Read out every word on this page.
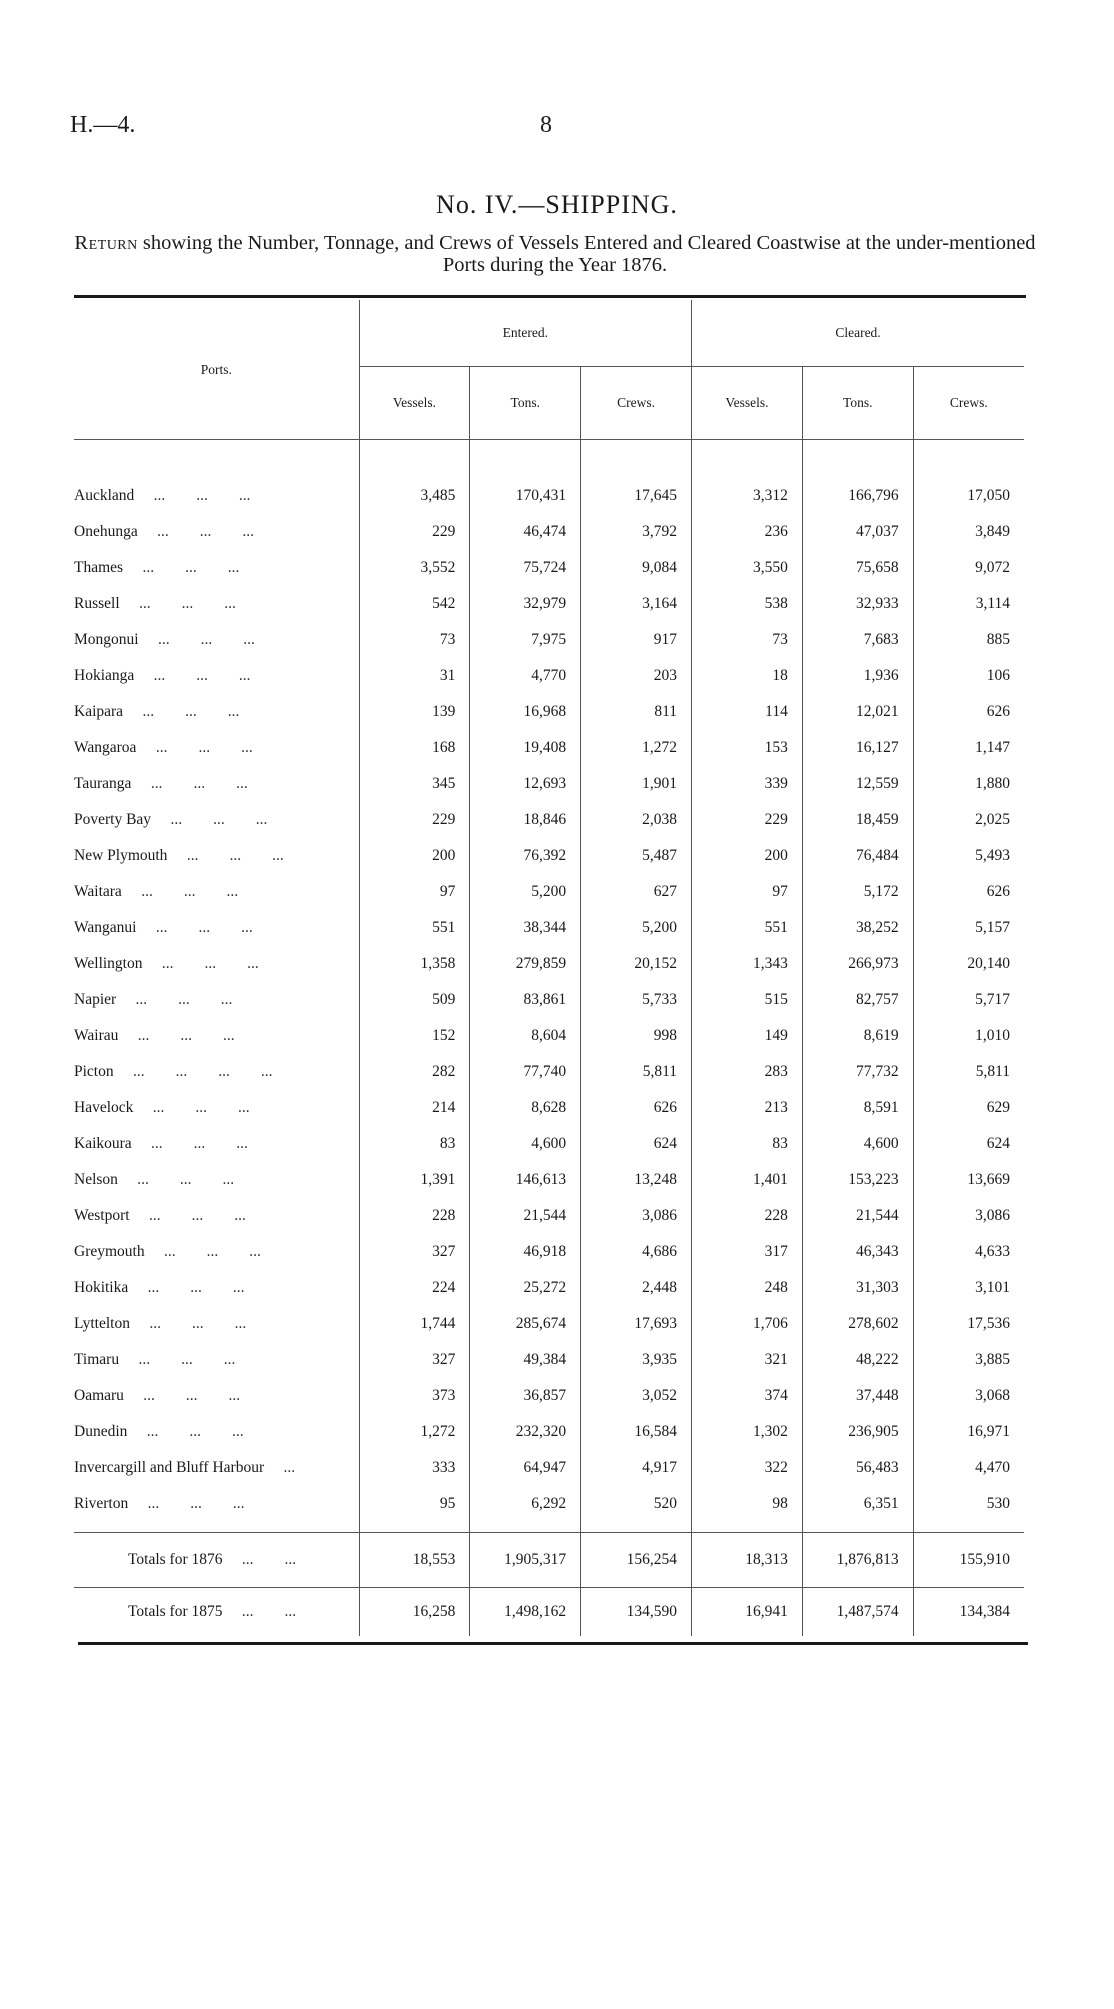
H.—4.	8
No. IV.—SHIPPING.
Return showing the Number, Tonnage, and Crews of Vessels Entered and Cleared Coastwise at the under-mentioned Ports during the Year 1876.
Ports.	Entered.			Cleared.		
	Vessels.	Tons.	Crews.	Vessels.	Tons.	Crews.

Auckland ...        ...        ...	3,485	170,431	17,645	3,312	166,796	17,050
Onehunga ...        ...        ...	229	46,474	3,792	236	47,037	3,849
Thames ...        ...        ...	3,552	75,724	9,084	3,550	75,658	9,072
Russell ...        ...        ...	542	32,979	3,164	538	32,933	3,114
Mongonui ...        ...        ...	73	7,975	917	73	7,683	885
Hokianga ...        ...        ...	31	4,770	203	18	1,936	106
Kaipara ...        ...        ...	139	16,968	811	114	12,021	626
Wangaroa ...        ...        ...	168	19,408	1,272	153	16,127	1,147
Tauranga ...        ...        ...	345	12,693	1,901	339	12,559	1,880
Poverty Bay ...        ...        ...	229	18,846	2,038	229	18,459	2,025
New Plymouth ...        ...        ...	200	76,392	5,487	200	76,484	5,493
Waitara ...        ...        ...	97	5,200	627	97	5,172	626
Wanganui ...        ...        ...	551	38,344	5,200	551	38,252	5,157
Wellington ...        ...        ...	1,358	279,859	20,152	1,343	266,973	20,140
Napier ...        ...        ...	509	83,861	5,733	515	82,757	5,717
Wairau ...        ...        ...	152	8,604	998	149	8,619	1,010
Picton ...        ...        ...        ...	282	77,740	5,811	283	77,732	5,811
Havelock ...        ...        ...	214	8,628	626	213	8,591	629
Kaikoura ...        ...        ...	83	4,600	624	83	4,600	624
Nelson ...        ...        ...	1,391	146,613	13,248	1,401	153,223	13,669
Westport ...        ...        ...	228	21,544	3,086	228	21,544	3,086
Greymouth ...        ...        ...	327	46,918	4,686	317	46,343	4,633
Hokitika ...        ...        ...	224	25,272	2,448	248	31,303	3,101
Lyttelton ...        ...        ...	1,744	285,674	17,693	1,706	278,602	17,536
Timaru ...        ...        ...	327	49,384	3,935	321	48,222	3,885
Oamaru ...        ...        ...	373	36,857	3,052	374	37,448	3,068
Dunedin ...        ...        ...	1,272	232,320	16,584	1,302	236,905	16,971
Invercargill and Bluff Harbour ...	333	64,947	4,917	322	56,483	4,470
Riverton ...        ...        ...	95	6,292	520	98	6,351	530

Totals for 1876 ...        ...	18,553	1,905,317	156,254	18,313	1,876,813	155,910
Totals for 1875 ...        ...	16,258	1,498,162	134,590	16,941	1,487,574	134,384
